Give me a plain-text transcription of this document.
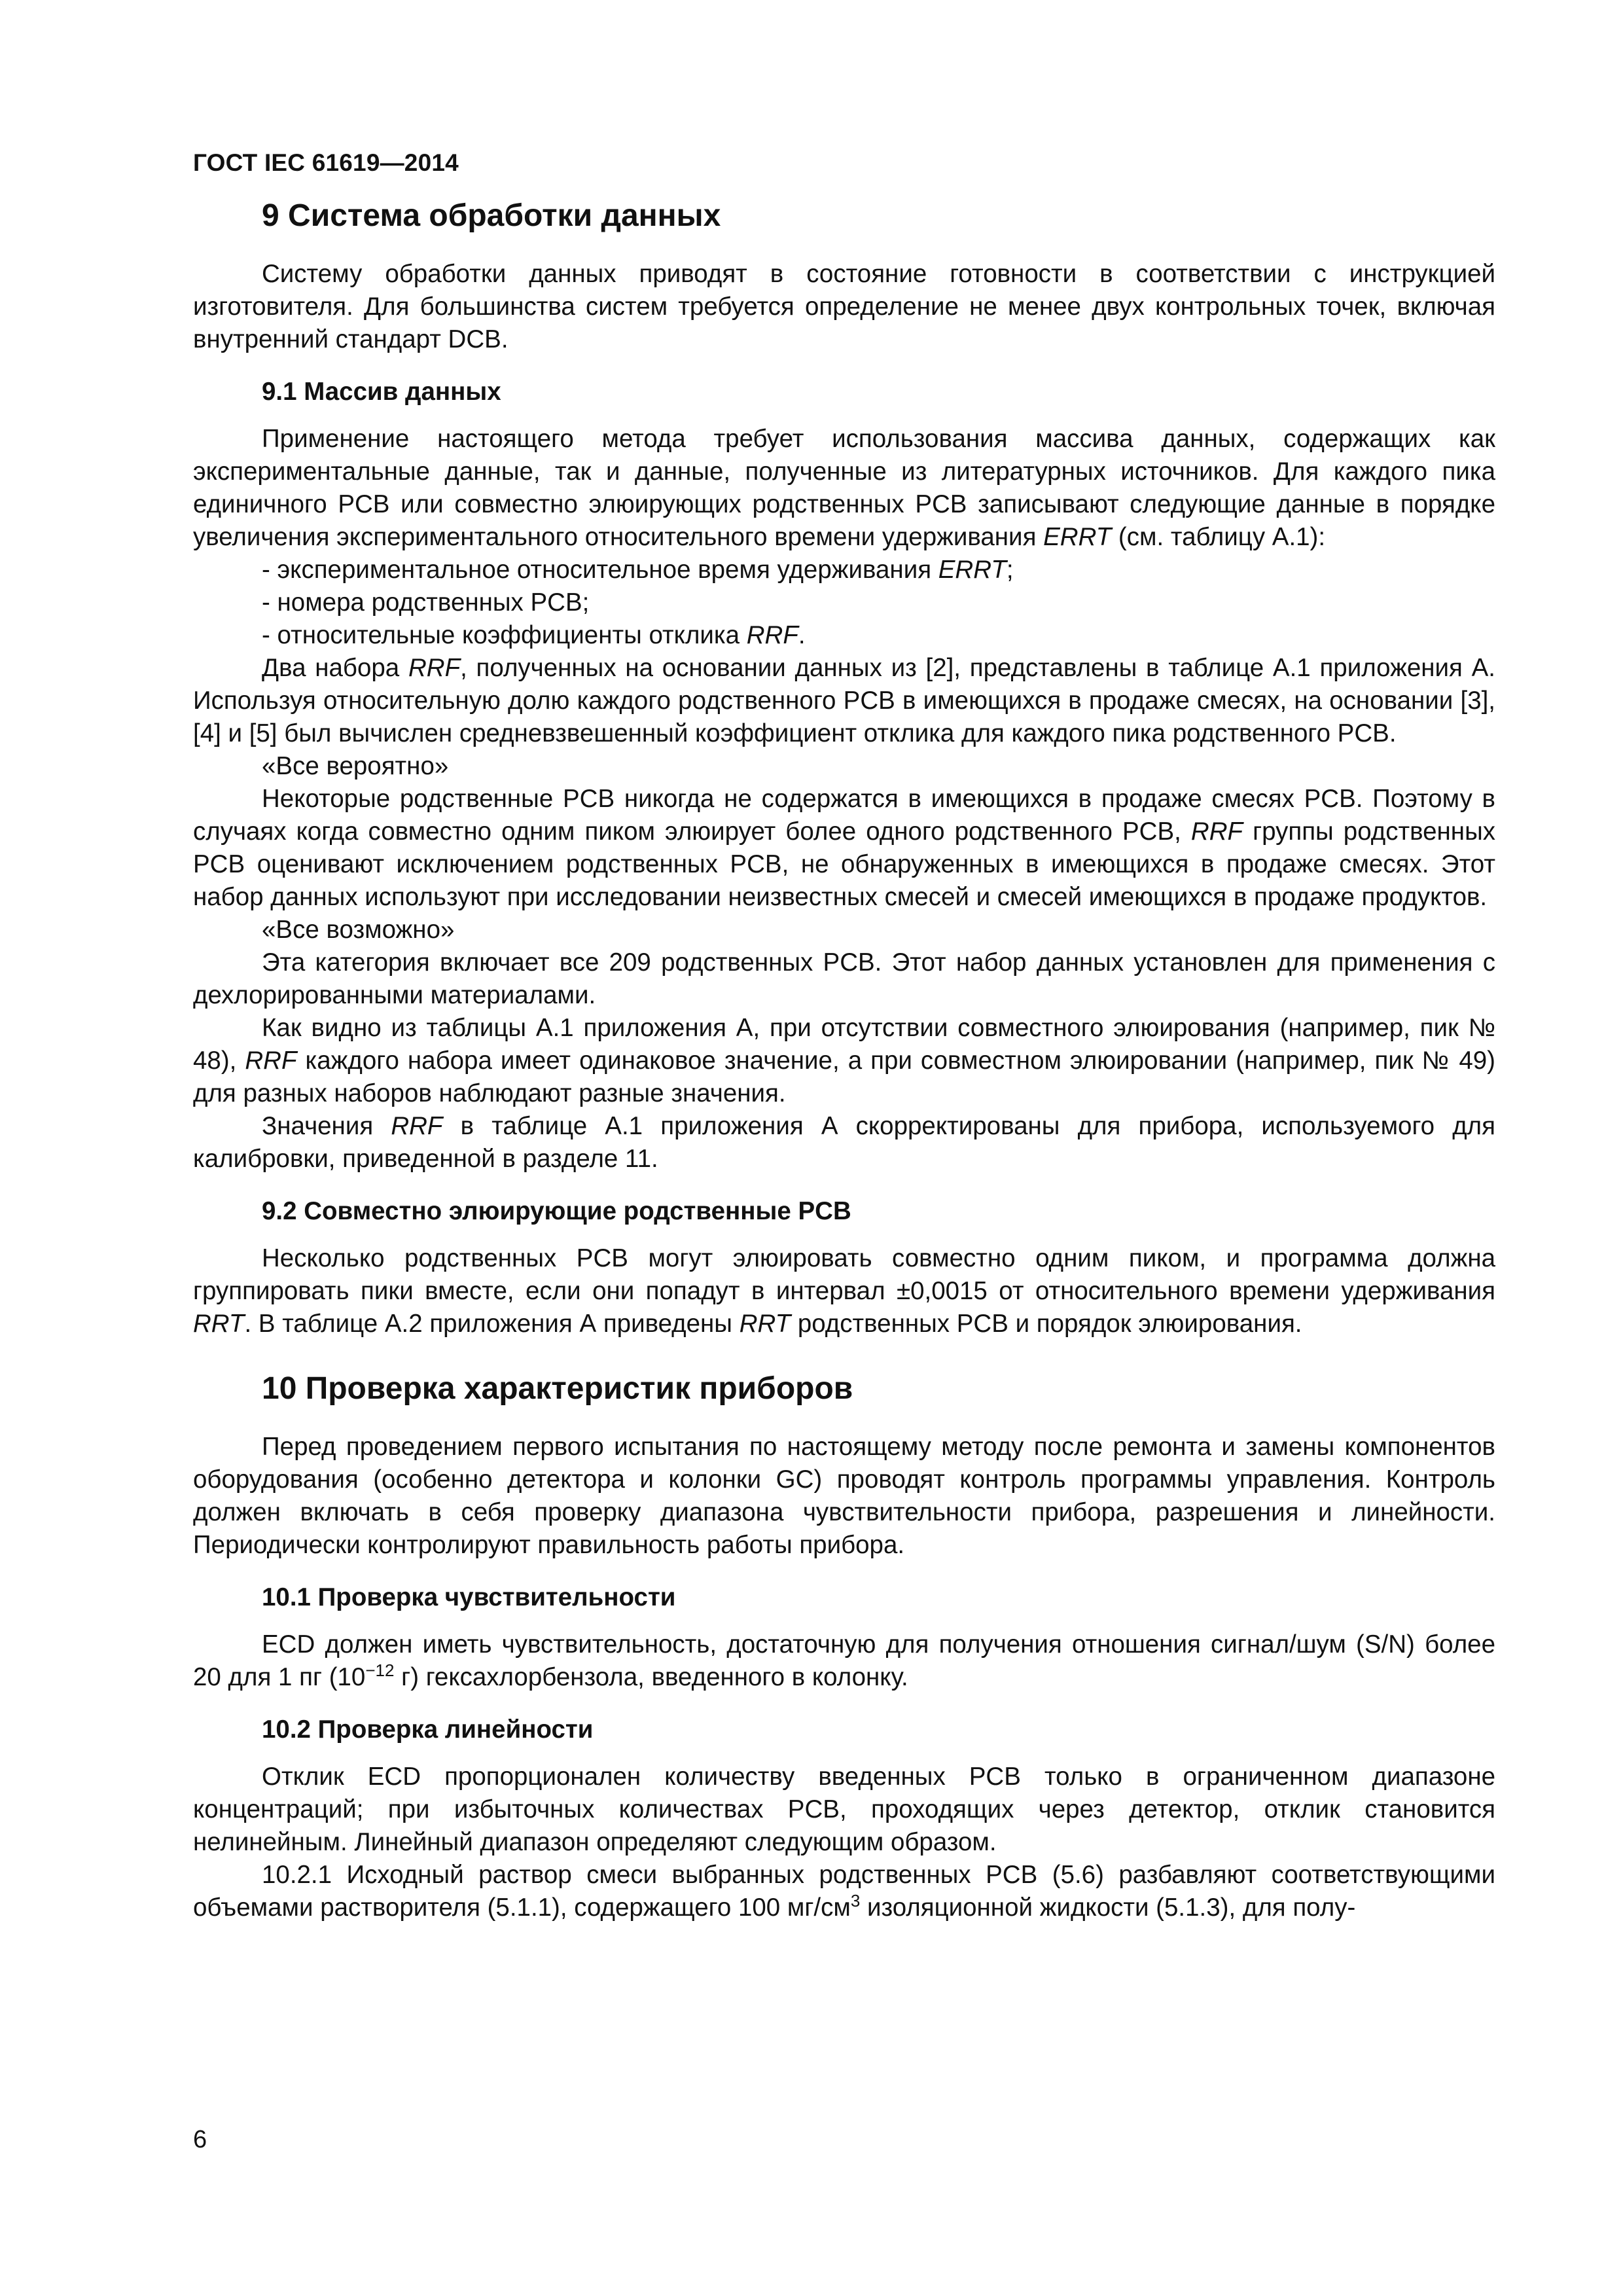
ГОСТ IEC 61619—2014
9 Система обработки данных

Систему обработки данных приводят в состояние готовности в соответствии с инструкцией изготовителя. Для большинства систем требуется определение не менее двух контрольных точек, включая внутренний стандарт DCB.

9.1 Массив данных

Применение настоящего метода требует использования массива данных, содержащих как экспериментальные данные, так и данные, полученные из литературных источников. Для каждого пика единичного PCB или совместно элюирующих родственных PCB записывают следующие данные в порядке увеличения экспериментального относительного времени удерживания ERRT (см. таблицу А.1):

- экспериментальное относительное время удерживания ERRT;

- номера родственных PCB;

- относительные коэффициенты отклика RRF.

Два набора RRF, полученных на основании данных из [2], представлены в таблице А.1 приложения А. Используя относительную долю каждого родственного PCB в имеющихся в продаже смесях, на основании [3], [4] и [5] был вычислен средневзвешенный коэффициент отклика для каждого пика родственного PCB.

«Все вероятно»

Некоторые родственные PCB никогда не содержатся в имеющихся в продаже смесях PCB. Поэтому в случаях когда совместно одним пиком элюирует более одного родственного PCB, RRF группы родственных PCB оценивают исключением родственных PCB, не обнаруженных в имеющихся в продаже смесях. Этот набор данных используют при исследовании неизвестных смесей и смесей имеющихся в продаже продуктов.

«Все возможно»

Эта категория включает все 209 родственных PCB. Этот набор данных установлен для применения с дехлорированными материалами.

Как видно из таблицы А.1 приложения А, при отсутствии совместного элюирования (например, пик № 48), RRF каждого набора имеет одинаковое значение, а при совместном элюировании (например, пик № 49) для разных наборов наблюдают разные значения.

Значения RRF в таблице А.1 приложения А скорректированы для прибора, используемого для калибровки, приведенной в разделе 11.

9.2 Совместно элюирующие родственные PCB

Несколько родственных PCB могут элюировать совместно одним пиком, и программа должна группировать пики вместе, если они попадут в интервал ±0,0015 от относительного времени удерживания RRT. В таблице А.2 приложения А приведены RRT родственных PCB и порядок элюирования.

10 Проверка характеристик приборов

Перед проведением первого испытания по настоящему методу после ремонта и замены компонентов оборудования (особенно детектора и колонки GC) проводят контроль программы управления. Контроль должен включать в себя проверку диапазона чувствительности прибора, разрешения и линейности. Периодически контролируют правильность работы прибора.

10.1 Проверка чувствительности

ECD должен иметь чувствительность, достаточную для получения отношения сигнал/шум (S/N) более 20 для 1 пг ($10^{-12}$ г) гексахлорбензола, введенного в колонку.

10.2 Проверка линейности

Отклик ECD пропорционален количеству введенных PCB только в ограниченном диапазоне концентраций; при избыточных количествах PCB, проходящих через детектор, отклик становится нелинейным. Линейный диапазон определяют следующим образом.

10.2.1 Исходный раствор смеси выбранных родственных PCB (5.6) разбавляют соответствующими объемами растворителя (5.1.1), содержащего 100 $мг/см^3$ изоляционной жидкости (5.1.3), для полу-

6
